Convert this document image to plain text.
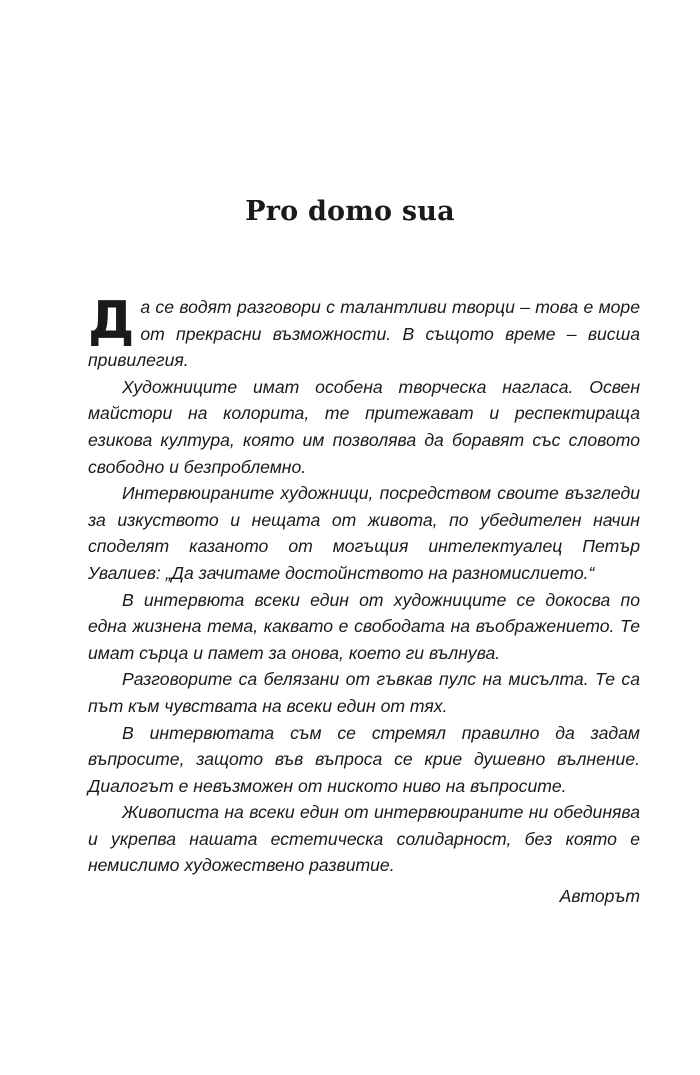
Pro domo sua

Да се водят разговори с талантливи творци – това е море от прекрасни възможности. В същото време – висша привилегия.

Художниците имат особена творческа нагласа. Освен майстори на колорита, те притежават и респектираща езикова култура, която им позволява да боравят със словото свободно и безпроблемно.

Интервюираните художници, посредством своите възгледи за изкуството и нещата от живота, по убедителен начин споделят казаното от могъщия интелектуалец Петър Увалиев: „Да зачитаме достойнството на разномислието.“

В интервюта всеки един от художниците се докосва по една жизнена тема, каквато е свободата на въображението. Те имат сърца и памет за онова, което ги вълнува.

Разговорите са белязани от гъвкав пулс на мисълта. Те са път към чувствата на всеки един от тях.

В интервютата съм се стремял правилно да задам въпросите, защото във въпроса се крие душевно вълнение. Диалогът е невъзможен от ниското ниво на въпросите.

Живописта на всеки един от интервюираните ни обединява и укрепва нашата естетическа солидарност, без която е немислимо художествено развитие.

Авторът
